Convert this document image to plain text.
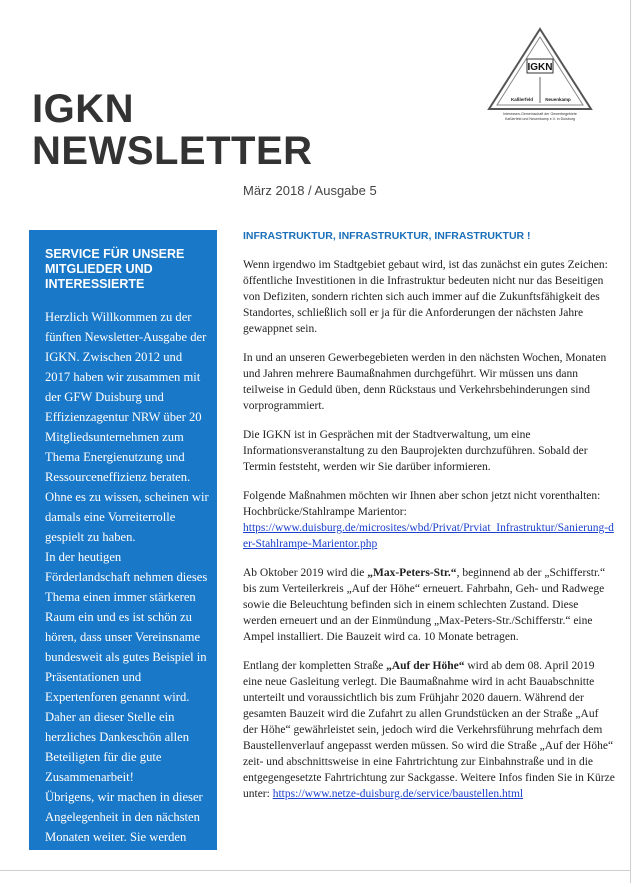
IGKN
NEWSLETTER
IGKN
Kaßlerfeld	Neuenkamp
Interessen-Gemeinschaft der Gewerbegebiete
Kaßlerfeld und Neuenkamp e.V. in Duisburg
März 2018 / Ausgabe 5
SERVICE FÜR UNSERE MITGLIEDER UND INTERESSIERTE

Herzlich Willkommen zu der fünften Newsletter-Ausgabe der IGKN. Zwischen 2012 und 2017 haben wir zusammen mit der GFW Duisburg und Effizienzagentur NRW über 20 Mitgliedsunternehmen zum Thema Energienutzung und Ressourceneffizienz beraten. Ohne es zu wissen, scheinen wir damals eine Vorreiterrolle gespielt zu haben.

In der heutigen Förderlandschaft nehmen dieses Thema einen immer stärkeren Raum ein und es ist schön zu hören, dass unser Vereinsname bundesweit als gutes Beispiel in Präsentationen und Expertenforen genannt wird. Daher an dieser Stelle ein herzliches Dankeschön allen Beteiligten für die gute Zusammenarbeit!

Übrigens, wir machen in dieser Angelegenheit in den nächsten Monaten weiter. Sie werden bald wieder von uns hören! Ihr IGKN-Vorstand

INFRASTRUKTUR, INFRASTRUKTUR, INFRASTRUKTUR !

Wenn irgendwo im Stadtgebiet gebaut wird, ist das zunächst ein gutes Zeichen: öffentliche Investitionen in die Infrastruktur bedeuten nicht nur das Beseitigen von Defiziten, sondern richten sich auch immer auf die Zukunftsfähigkeit des Standortes, schließlich soll er ja für die Anforderungen der nächsten Jahre gewappnet sein.

In und an unseren Gewerbegebieten werden in den nächsten Wochen, Monaten und Jahren mehrere Baumaßnahmen durchgeführt. Wir müssen uns dann teilweise in Geduld üben, denn Rückstaus und Verkehrsbehinderungen sind vorprogrammiert.

Die IGKN ist in Gesprächen mit der Stadtverwaltung, um eine Informationsveranstaltung zu den Bauprojekten durchzuführen. Sobald der Termin feststeht, werden wir Sie darüber informieren.

Folgende Maßnahmen möchten wir Ihnen aber schon jetzt nicht vorenthalten:
Hochbrücke/Stahlrampe Marientor:
https://www.duisburg.de/microsites/wbd/Privat/Prviat_Infrastruktur/Sanierung-der-Stahlrampe-Marientor.php

Ab Oktober 2019 wird die „Max-Peters-Str.“, beginnend ab der „Schifferstr.“ bis zum Verteilerkreis „Auf der Höhe“ erneuert. Fahrbahn, Geh- und Radwege sowie die Beleuchtung befinden sich in einem schlechten Zustand. Diese werden erneuert und an der Einmündung „Max-Peters-Str./Schifferstr.“ eine Ampel installiert. Die Bauzeit wird ca. 10 Monate betragen.

Entlang der kompletten Straße „Auf der Höhe“ wird ab dem 08. April 2019 eine neue Gasleitung verlegt. Die Baumaßnahme wird in acht Bauabschnitte unterteilt und voraussichtlich bis zum Frühjahr 2020 dauern. Während der gesamten Bauzeit wird die Zufahrt zu allen Grundstücken an der Straße „Auf der Höhe“ gewährleistet sein, jedoch wird die Verkehrsführung mehrfach dem Baustellenverlauf angepasst werden müssen. So wird die Straße „Auf der Höhe“ zeit- und abschnittsweise in eine Fahrtrichtung zur Einbahnstraße und in die entgegengesetzte Fahrtrichtung zur Sackgasse. Weitere Infos finden Sie in Kürze unter: https://www.netze-duisburg.de/service/baustellen.html
